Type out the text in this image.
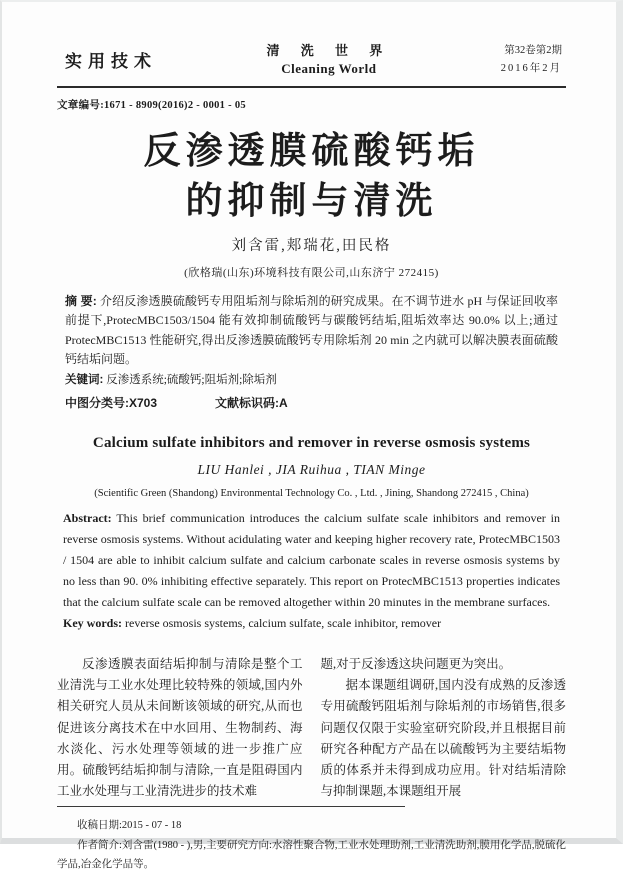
实用技术
清 洗 世 界
Cleaning World
第32卷第2期
2016年2月
文章编号:1671 - 8909(2016)2 - 0001 - 05
反渗透膜硫酸钙垢
的抑制与清洗
刘含雷,郏瑞花,田民格
(欣格瑞(山东)环境科技有限公司,山东济宁 272415)
摘 要: 介绍反渗透膜硫酸钙专用阻垢剂与除垢剂的研究成果。在不调节进水 pH 与保证回收率前提下,ProtecMBC1503/1504 能有效抑制硫酸钙与碳酸钙结垢,阻垢效率达 90.0% 以上;通过 ProtecMBC1513 性能研究,得出反渗透膜硫酸钙专用除垢剂 20 min 之内就可以解决膜表面硫酸钙结垢问题。
关键词: 反渗透系统;硫酸钙;阻垢剂;除垢剂
中图分类号:X703	文献标识码:A
Calcium sulfate inhibitors and remover in reverse osmosis systems
LIU Hanlei , JIA Ruihua , TIAN Minge
(Scientific Green (Shandong) Environmental Technology Co. , Ltd. , Jining, Shandong 272415 , China)
Abstract: This brief communication introduces the calcium sulfate scale inhibitors and remover in reverse osmosis systems. Without acidulating water and keeping higher recovery rate, ProtecMBC1503 / 1504 are able to inhibit calcium sulfate and calcium carbonate scales in reverse osmosis systems by no less than 90. 0% inhibiting effective separately. This report on ProtecMBC1513 properties indicates that the calcium sulfate scale can be removed altogether within 20 minutes in the membrane surfaces.
Key words: reverse osmosis systems, calcium sulfate, scale inhibitor, remover

反渗透膜表面结垢抑制与清除是整个工业清洗与工业水处理比较特殊的领域,国内外相关研究人员从未间断该领域的研究,从而也促进该分离技术在中水回用、生物制药、海水淡化、污水处理等领域的进一步推广应用。硫酸钙结垢抑制与清除,一直是阻碍国内工业水处理与工业清洗进步的技术难

题,对于反渗透这块问题更为突出。

据本课题组调研,国内没有成熟的反渗透专用硫酸钙阻垢剂与除垢剂的市场销售,很多问题仅仅限于实验室研究阶段,并且根据目前研究各种配方产品在以硫酸钙为主要结垢物质的体系并未得到成功应用。针对结垢清除与抑制课题,本课题组开展

收稿日期:2015 - 07 - 18
作者简介:刘含雷(1980 - ),男,主要研究方向:水溶性聚合物,工业水处理助剂,工业清洗助剂,膜用化学品,脱硫化学品,冶金化学品等。
